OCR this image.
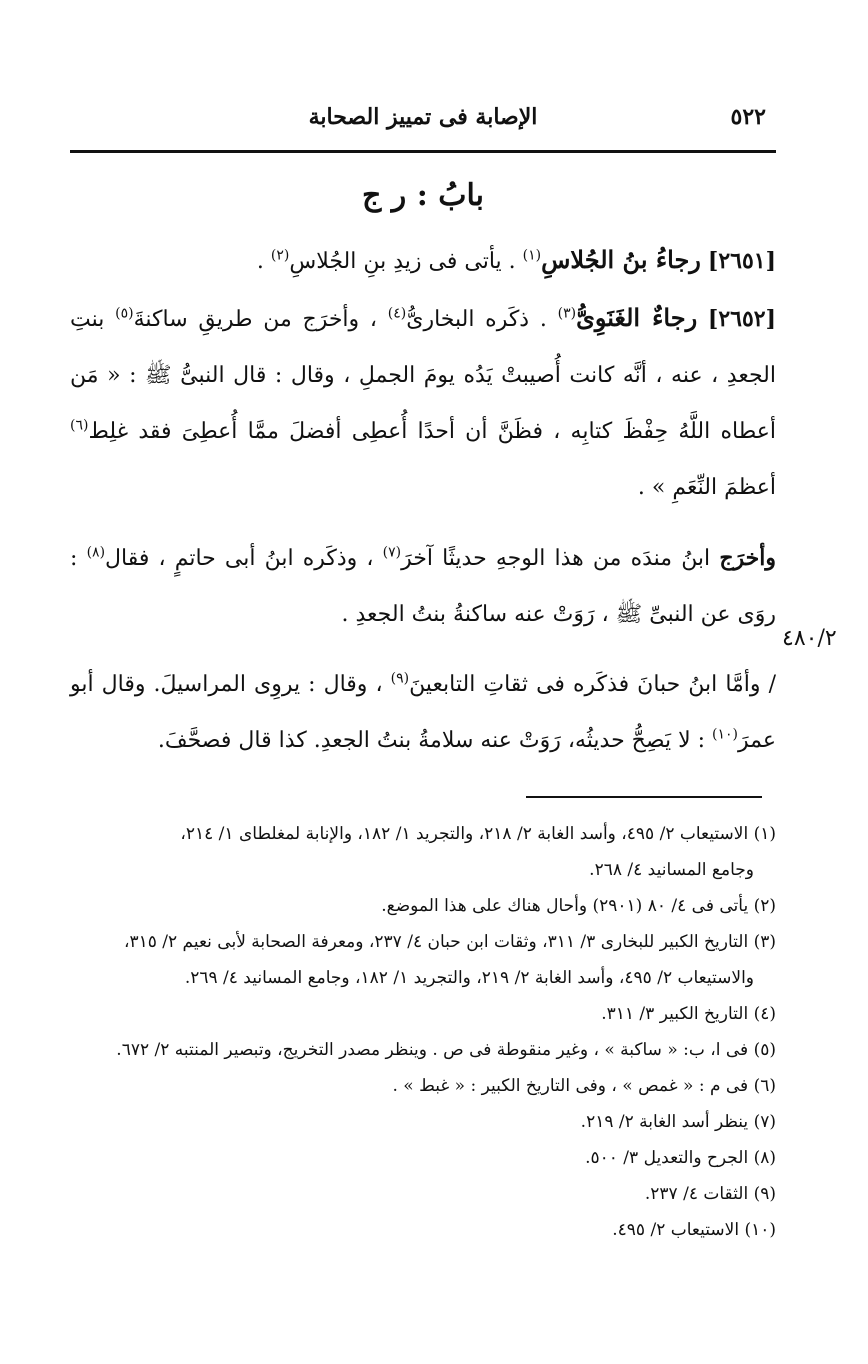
٥٢٢
الإصابة فى تمييز الصحابة
بابُ : ر ج

[٢٦٥١] رجاءُ بنُ الجُلاسِ$^{(١)}$ . يأتى فى زيدِ بنِ الجُلاسِ$^{(٢)}$ .

[٢٦٥٢] رجاءٌ الغَنَوِىُّ$^{(٣)}$ . ذكَره البخارىُّ$^{(٤)}$ ، وأخرَج من طريقِ ساكنةَ$^{(٥)}$ بنتِ الجعدِ ، عنه ، أنَّه كانت أُصيبتْ يَدُه يومَ الجملِ ، وقال : قال النبىُّ ﷺ : « مَن أعطاه اللَّهُ حِفْظَ كتابِه ، فظَنَّ أن أحدًا أُعطِى أفضلَ ممَّا أُعطِىَ فقد غلِط$^{(٦)}$ أعظمَ النِّعَمِ » .

وأخرَج ابنُ مندَه من هذا الوجهِ حديثًا آخرَ$^{(٧)}$ ، وذكَره ابنُ أبى حاتمٍ ، فقال$^{(٨)}$ : روَى عن النبىِّ ﷺ ، رَوَتْ عنه ساكنةُ بنتُ الجعدِ .

/ وأمَّا ابنُ حبانَ فذكَره فى ثقاتِ التابعينَ$^{(٩)}$ ، وقال : يروِى المراسيلَ. وقال أبو عمرَ$^{(١٠)}$ : لا يَصِحُّ حديثُه، رَوَتْ عنه سلامةُ بنتُ الجعدِ. كذا قال فصحَّفَ.

٤٨٠/٢

(١) الاستيعاب ٢/ ٤٩٥، وأسد الغابة ٢/ ٢١٨، والتجريد ١/ ١٨٢، والإنابة لمغلطاى ١/ ٢١٤،
وجامع المسانيد ٤/ ٢٦٨.

(٢) يأتى فى ٤/ ٨٠ (٢٩٠١) وأحال هناك على هذا الموضع.

(٣) التاريخ الكبير للبخارى ٣/ ٣١١، وثقات ابن حبان ٤/ ٢٣٧، ومعرفة الصحابة لأبى نعيم ٢/ ٣١٥،
والاستيعاب ٢/ ٤٩٥، وأسد الغابة ٢/ ٢١٩، والتجريد ١/ ١٨٢، وجامع المسانيد ٤/ ٢٦٩.

(٤) التاريخ الكبير ٣/ ٣١١.

(٥) فى ا، ب: « ساكبة » ، وغير منقوطة فى ص . وينظر مصدر التخريج، وتبصير المنتبه ٢/ ٦٧٢.

(٦) فى م : « غمص » ، وفى التاريخ الكبير : « غبط » .

(٧) ينظر أسد الغابة ٢/ ٢١٩.

(٨) الجرح والتعديل ٣/ ٥٠٠.

(٩) الثقات ٤/ ٢٣٧.

(١٠) الاستيعاب ٢/ ٤٩٥.
